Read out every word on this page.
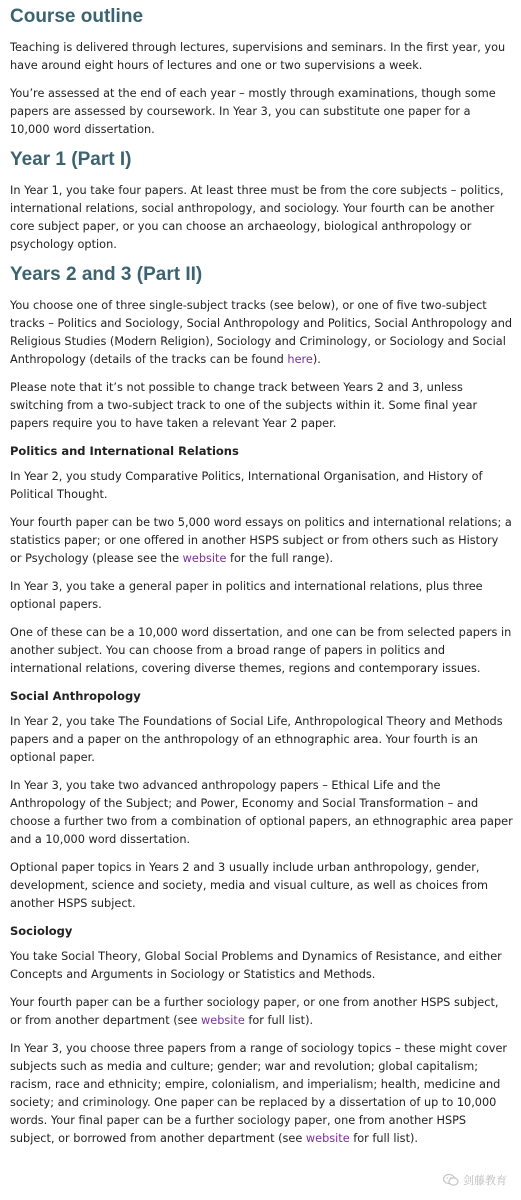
Course outline

Teaching is delivered through lectures, supervisions and seminars. In the first year, you have around eight hours of lectures and one or two supervisions a week.

You’re assessed at the end of each year – mostly through examinations, though some papers are assessed by coursework. In Year 3, you can substitute one paper for a 10,000 word dissertation.

Year 1 (Part I)

In Year 1, you take four papers. At least three must be from the core subjects – politics, international relations, social anthropology, and sociology. Your fourth can be another core subject paper, or you can choose an archaeology, biological anthropology or psychology option.

Years 2 and 3 (Part II)

You choose one of three single-subject tracks (see below), or one of five two-subject tracks – Politics and Sociology, Social Anthropology and Politics, Social Anthropology and Religious Studies (Modern Religion), Sociology and Criminology, or Sociology and Social Anthropology (details of the tracks can be found here).

Please note that it’s not possible to change track between Years 2 and 3, unless switching from a two-subject track to one of the subjects within it. Some final year papers require you to have taken a relevant Year 2 paper.

Politics and International Relations

In Year 2, you study Comparative Politics, International Organisation, and History of Political Thought.

Your fourth paper can be two 5,000 word essays on politics and international relations; a statistics paper; or one offered in another HSPS subject or from others such as History or Psychology (please see the website for the full range).

In Year 3, you take a general paper in politics and international relations, plus three optional papers.

One of these can be a 10,000 word dissertation, and one can be from selected papers in another subject. You can choose from a broad range of papers in politics and international relations, covering diverse themes, regions and contemporary issues.

Social Anthropology

In Year 2, you take The Foundations of Social Life, Anthropological Theory and Methods papers and a paper on the anthropology of an ethnographic area. Your fourth is an optional paper.

In Year 3, you take two advanced anthropology papers – Ethical Life and the Anthropology of the Subject; and Power, Economy and Social Transformation – and choose a further two from a combination of optional papers, an ethnographic area paper and a 10,000 word dissertation.

Optional paper topics in Years 2 and 3 usually include urban anthropology, gender, development, science and society, media and visual culture, as well as choices from another HSPS subject.

Sociology

You take Social Theory, Global Social Problems and Dynamics of Resistance, and either Concepts and Arguments in Sociology or Statistics and Methods.

Your fourth paper can be a further sociology paper, or one from another HSPS subject, or from another department (see website for full list).

In Year 3, you choose three papers from a range of sociology topics – these might cover subjects such as media and culture; gender; war and revolution; global capitalism; racism, race and ethnicity; empire, colonialism, and imperialism; health, medicine and society; and criminology. One paper can be replaced by a dissertation of up to 10,000 words. Your final paper can be a further sociology paper, one from another HSPS subject, or borrowed from another department (see website for full list).

剑藤教育
